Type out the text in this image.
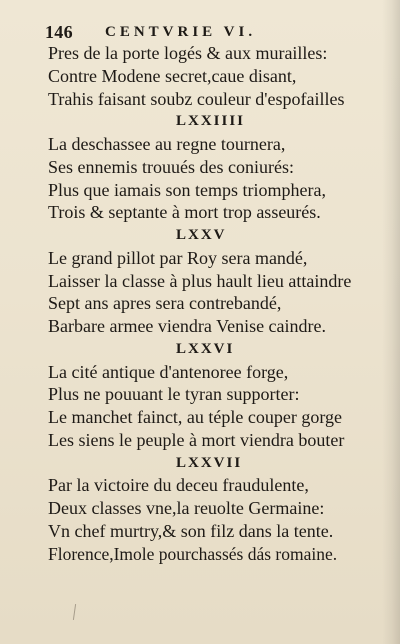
146 CENTVRIE VI.
Pres de la porte logés & aux murailles:
Contre Modene secret,caue disant,
Trahis faisant soubz couleur d'espofailles
LXXIIII
La deschassee au regne tournera,
Ses ennemis trouués des coniurés:
Plus que iamais son temps triomphera,
Trois & septante à mort trop asseurés.
LXXV
Le grand pillot par Roy sera mandé,
Laisser la classe à plus hault lieu attaindre
Sept ans apres sera contrebandé,
Barbare armee viendra Venise caindre.
LXXVI
La cité antique d'antenoree forge,
Plus ne pouuant le tyran supporter:
Le manchet fainct, au téple couper gorge
Les siens le peuple à mort viendra bouter
LXXVII
Par la victoire du deceu fraudulente,
Deux classes vne,la reuolte Germaine:
Vn chef murtry,& son filz dans la tente.
Florence,Imole pourchassés dás romaine.
